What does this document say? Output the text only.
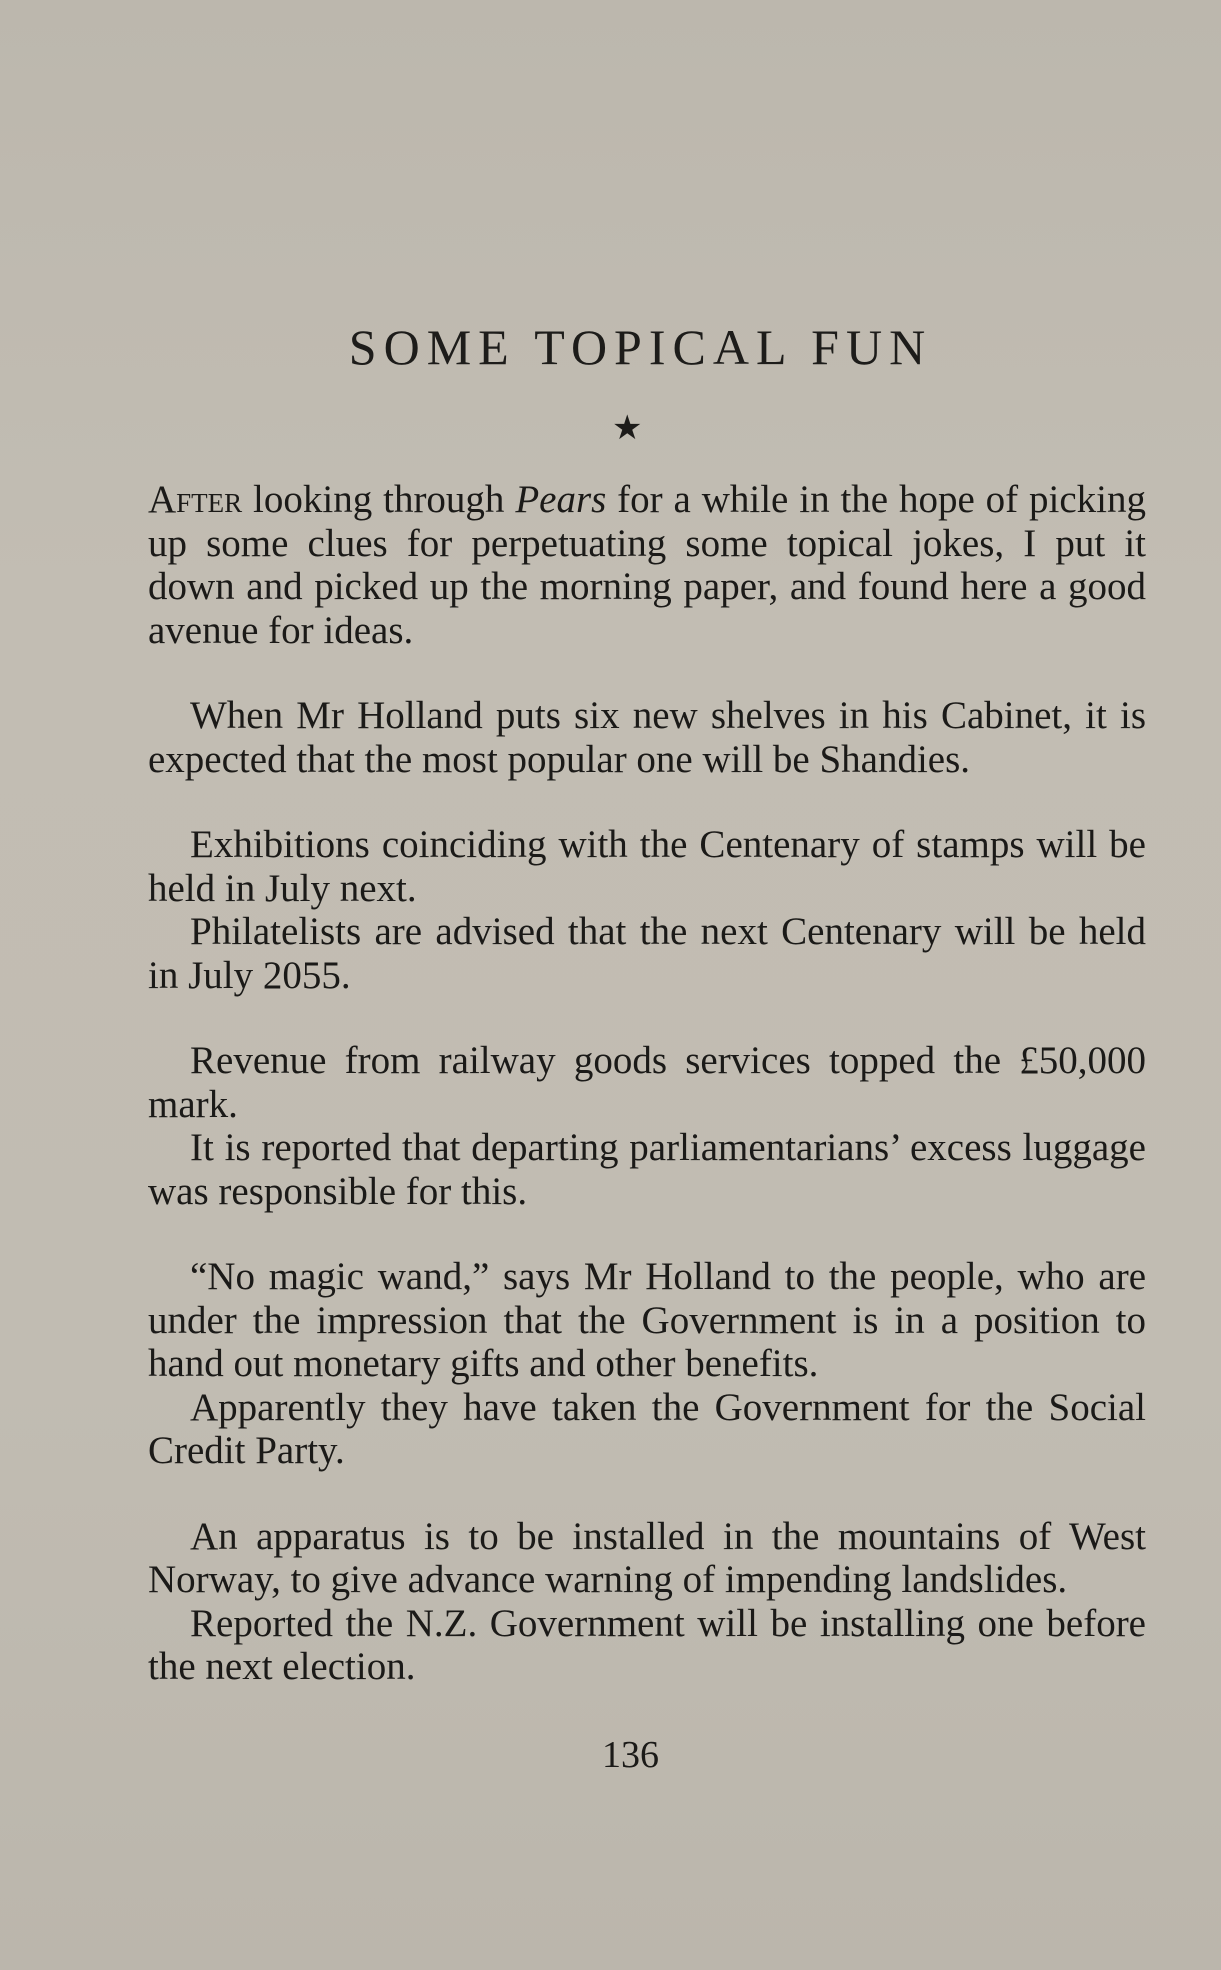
SOME TOPICAL FUN
★

After looking through Pears for a while in the hope of picking up some clues for perpetuating some topical jokes, I put it down and picked up the morning paper, and found here a good avenue for ideas.

When Mr Holland puts six new shelves in his Cabinet, it is expected that the most popular one will be Shandies.

Exhibitions coinciding with the Centenary of stamps will be held in July next.

Philatelists are advised that the next Centenary will be held in July 2055.

Revenue from railway goods services topped the £50,000 mark.

It is reported that departing parliamentarians’ excess luggage was responsible for this.

“No magic wand,” says Mr Holland to the people, who are under the impression that the Government is in a position to hand out monetary gifts and other benefits.

Apparently they have taken the Government for the Social Credit Party.

An apparatus is to be installed in the mountains of West Norway, to give advance warning of impending landslides.

Reported the N.Z. Government will be installing one before the next election.

136
